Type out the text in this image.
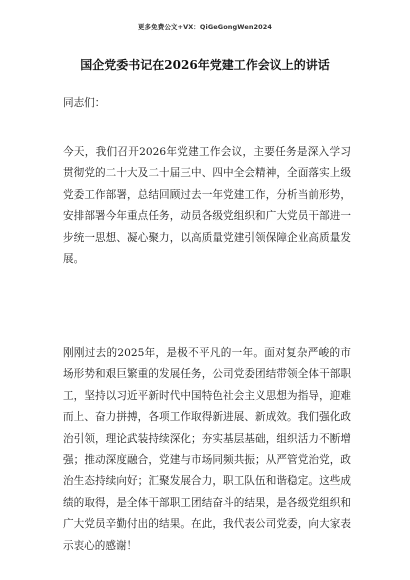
更多免费公文+VX：QiGeGongWen2024
国企党委书记在2026年党建工作会议上的讲话
同志们：
今天，我们召开2026年党建工作会议，主要任务是深入学习贯彻党的二十大及二十届三中、四中全会精神，全面落实上级党委工作部署，总结回顾过去一年党建工作，分析当前形势，安排部署今年重点任务，动员各级党组织和广大党员干部进一步统一思想、凝心聚力，以高质量党建引领保障企业高质量发展。
刚刚过去的2025年，是极不平凡的一年。面对复杂严峻的市场形势和艰巨繁重的发展任务，公司党委团结带领全体干部职工，坚持以习近平新时代中国特色社会主义思想为指导，迎难而上、奋力拼搏，各项工作取得新进展、新成效。我们强化政治引领，理论武装持续深化；夯实基层基础，组织活力不断增强；推动深度融合，党建与市场同频共振；从严管党治党，政治生态持续向好；汇聚发展合力，职工队伍和谐稳定。这些成绩的取得，是全体干部职工团结奋斗的结果，是各级党组织和广大党员辛勤付出的结果。在此，我代表公司党委，向大家表示衷心的感谢！
